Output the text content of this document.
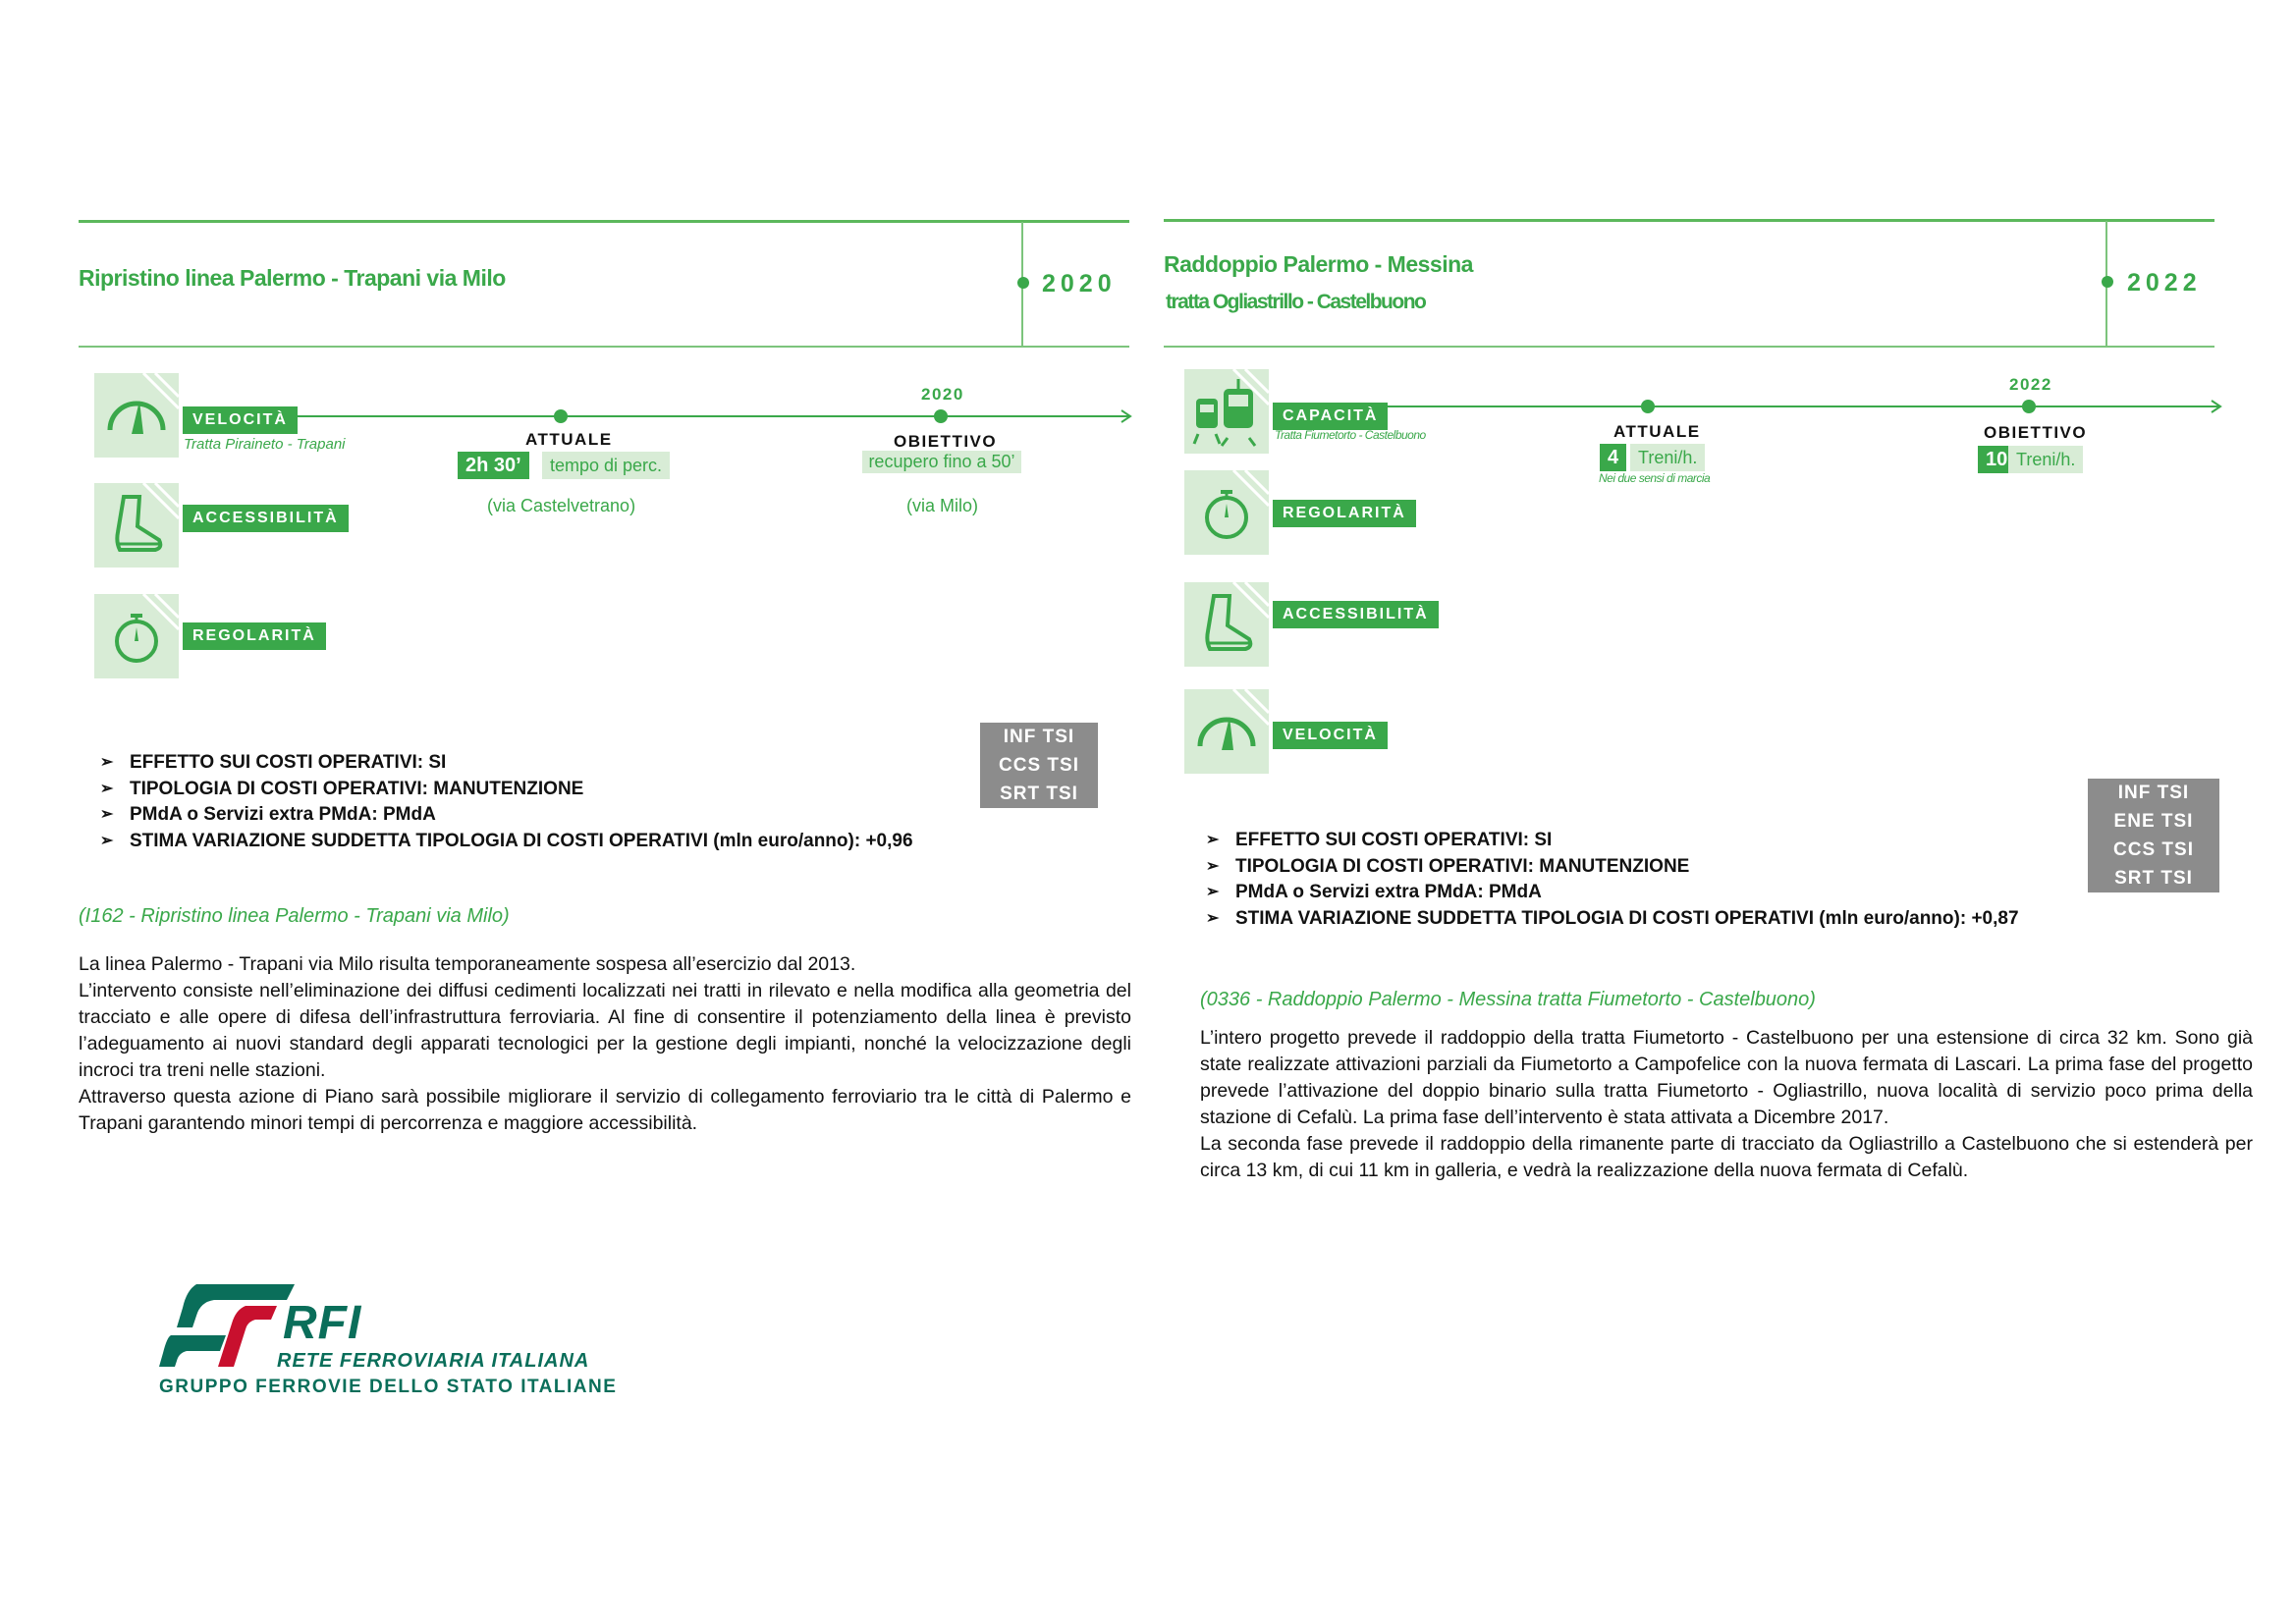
Ripristino linea Palermo - Trapani via Milo	2020
VELOCITÀ
Tratta Piraineto - Trapani
ACCESSIBILITÀ
REGOLARITÀ
ATTUALE
2h 30’	tempo di perc.
(via Castelvetrano)
2020
OBIETTIVO
recupero fino a 50’
(via Milo)
INF TSI
CCS TSI
SRT TSI
➢ EFFETTO SUI COSTI OPERATIVI: SI
➢ TIPOLOGIA DI COSTI OPERATIVI: MANUTENZIONE
➢ PMdA o Servizi extra PMdA: PMdA
➢ STIMA VARIAZIONE SUDDETTA TIPOLOGIA DI COSTI OPERATIVI (mln euro/anno): +0,96
(I162 - Ripristino linea Palermo - Trapani via Milo)

La linea Palermo - Trapani via Milo risulta temporaneamente sospesa all’esercizio dal 2013.

L’intervento consiste nell’eliminazione dei diffusi cedimenti localizzati nei tratti in rilevato e nella modifica alla geometria del tracciato e alle opere di difesa dell’infrastruttura ferroviaria. Al fine di consentire il potenziamento della linea è previsto l’adeguamento ai nuovi standard degli apparati tecnologici per la gestione degli impianti, nonché la velocizzazione degli incroci tra treni nelle stazioni.

Attraverso questa azione di Piano sarà possibile migliorare il servizio di collegamento ferroviario tra le città di Palermo e Trapani garantendo minori tempi di percorrenza e maggiore accessibilità.

Raddoppio Palermo - Messina
tratta Ogliastrillo - Castelbuono
2022
CAPACITÀ
Tratta Fiumetorto - Castelbuono
REGOLARITÀ
ACCESSIBILITÀ
VELOCITÀ
ATTUALE
4	Treni/h.
Nei due sensi di marcia
2022
OBIETTIVO
10 Treni/h.
INF TSI
ENE TSI
CCS TSI
SRT TSI
➢ EFFETTO SUI COSTI OPERATIVI: SI
➢ TIPOLOGIA DI COSTI OPERATIVI: MANUTENZIONE
➢ PMdA o Servizi extra PMdA: PMdA
➢ STIMA VARIAZIONE SUDDETTA TIPOLOGIA DI COSTI OPERATIVI (mln euro/anno): +0,87
(0336 - Raddoppio Palermo - Messina tratta Fiumetorto - Castelbuono)

L’intero progetto prevede il raddoppio della tratta Fiumetorto - Castelbuono per una estensione di circa 32 km. Sono già state realizzate attivazioni parziali da Fiumetorto a Campofelice con la nuova fermata di Lascari. La prima fase del progetto prevede l’attivazione del doppio binario sulla tratta Fiumetorto - Ogliastrillo, nuova località di servizio poco prima della stazione di Cefalù. La prima fase dell’intervento è stata attivata a Dicembre 2017.

La seconda fase prevede il raddoppio della rimanente parte di tracciato da Ogliastrillo a Castelbuono che si estenderà per circa 13 km, di cui 11 km in galleria, e vedrà la realizzazione della nuova fermata di Cefalù.

RFI
RETE FERROVIARIA ITALIANA
GRUPPO FERROVIE DELLO STATO ITALIANE
